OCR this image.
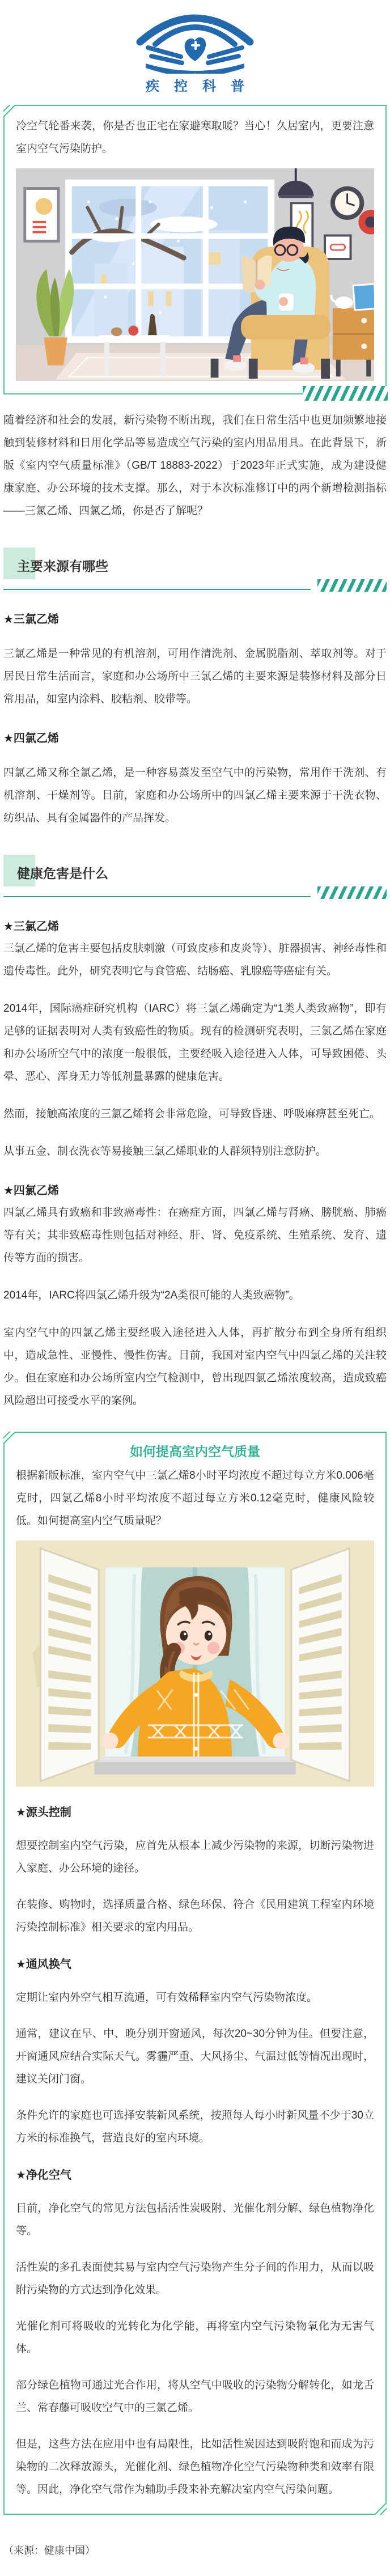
疾控科普
冷空气轮番来袭，你是否也正宅在家避寒取暖？当心！久居室内，更要注意室内空气污染防护。

随着经济和社会的发展，新污染物不断出现，我们在日常生活中也更加频繁地接触到装修材料和日用化学品等易造成空气污染的室内用品用具。在此背景下，新版《室内空气质量标准》（GB/T 18883-2022）于2023年正式实施，成为建设健康家庭、办公环境的技术支撑。那么，对于本次标准修订中的两个新增检测指标——三氯乙烯、四氯乙烯，你是否了解呢？

主要来源有哪些
★三氯乙烯

三氯乙烯是一种常见的有机溶剂，可用作清洗剂、金属脱脂剂、萃取剂等。对于居民日常生活而言，家庭和办公场所中三氯乙烯的主要来源是装修材料及部分日常用品，如室内涂料、胶粘剂、胶带等。

★四氯乙烯

四氯乙烯又称全氯乙烯，是一种容易蒸发至空气中的污染物，常用作干洗剂、有机溶剂、干燥剂等。目前，家庭和办公场所中的四氯乙烯主要来源于干洗衣物、纺织品、具有金属器件的产品挥发。

健康危害是什么
★三氯乙烯

三氯乙烯的危害主要包括皮肤刺激（可致皮疹和皮炎等）、脏器损害、神经毒性和遗传毒性。此外，研究表明它与食管癌、结肠癌、乳腺癌等癌症有关。

2014年，国际癌症研究机构（IARC）将三氯乙烯确定为“1类人类致癌物”，即有足够的证据表明对人类有致癌性的物质。现有的检测研究表明，三氯乙烯在家庭和办公场所空气中的浓度一般很低，主要经吸入途径进入人体，可导致困倦、头晕、恶心、浑身无力等低剂量暴露的健康危害。

然而，接触高浓度的三氯乙烯将会非常危险，可导致昏迷、呼吸麻痹甚至死亡。

从事五金、制衣洗衣等易接触三氯乙烯职业的人群须特别注意防护。

★四氯乙烯

四氯乙烯具有致癌和非致癌毒性：在癌症方面，四氯乙烯与肾癌、膀胱癌、肺癌等有关；其非致癌毒性则包括对神经、肝、肾、免疫系统、生殖系统、发育、遗传等方面的损害。

2014年，IARC将四氯乙烯升级为“2A类很可能的人类致癌物”。

室内空气中的四氯乙烯主要经吸入途径进入人体，再扩散分布到全身所有组织中，造成急性、亚慢性、慢性伤害。目前，我国对室内空气中四氯乙烯的关注较少。但在家庭和办公场所室内空气检测中，曾出现四氯乙烯浓度较高，造成致癌风险超出可接受水平的案例。

如何提高室内空气质量
根据新版标准，室内空气中三氯乙烯8小时平均浓度不超过每立方米0.006毫克时，四氯乙烯8小时平均浓度不超过每立方米0.12毫克时，健康风险较低。如何提高室内空气质量呢？
★源头控制

想要控制室内空气污染，应首先从根本上减少污染物的来源，切断污染物进入家庭、办公环境的途径。

在装修、购物时，选择质量合格、绿色环保、符合《民用建筑工程室内环境污染控制标准》相关要求的室内用品。

★通风换气

定期让室内外空气相互流通，可有效稀释室内空气污染物浓度。

通常，建议在早、中、晚分别开窗通风，每次20~30分钟为佳。但要注意，开窗通风应结合实际天气。雾霾严重、大风扬尘、气温过低等情况出现时，建议关闭门窗。

条件允许的家庭也可选择安装新风系统，按照每人每小时新风量不少于30立方米的标准换气，营造良好的室内环境。

★净化空气

目前，净化空气的常见方法包括活性炭吸附、光催化剂分解、绿色植物净化等。

活性炭的多孔表面使其易与室内空气污染物产生分子间的作用力，从而以吸附污染物的方式达到净化效果。

光催化剂可将吸收的光转化为化学能，再将室内空气污染物氧化为无害气体。

部分绿色植物可通过光合作用，将从空气中吸收的污染物分解转化，如龙舌兰、常春藤可吸收空气中的三氯乙烯。

但是，这些方法在应用中也有局限性，比如活性炭因达到吸附饱和而成为污染物的二次释放源头，光催化剂、绿色植物净化空气污染物种类和效率有限等。因此，净化空气常作为辅助手段来补充解决室内空气污染问题。

（来源：健康中国）
